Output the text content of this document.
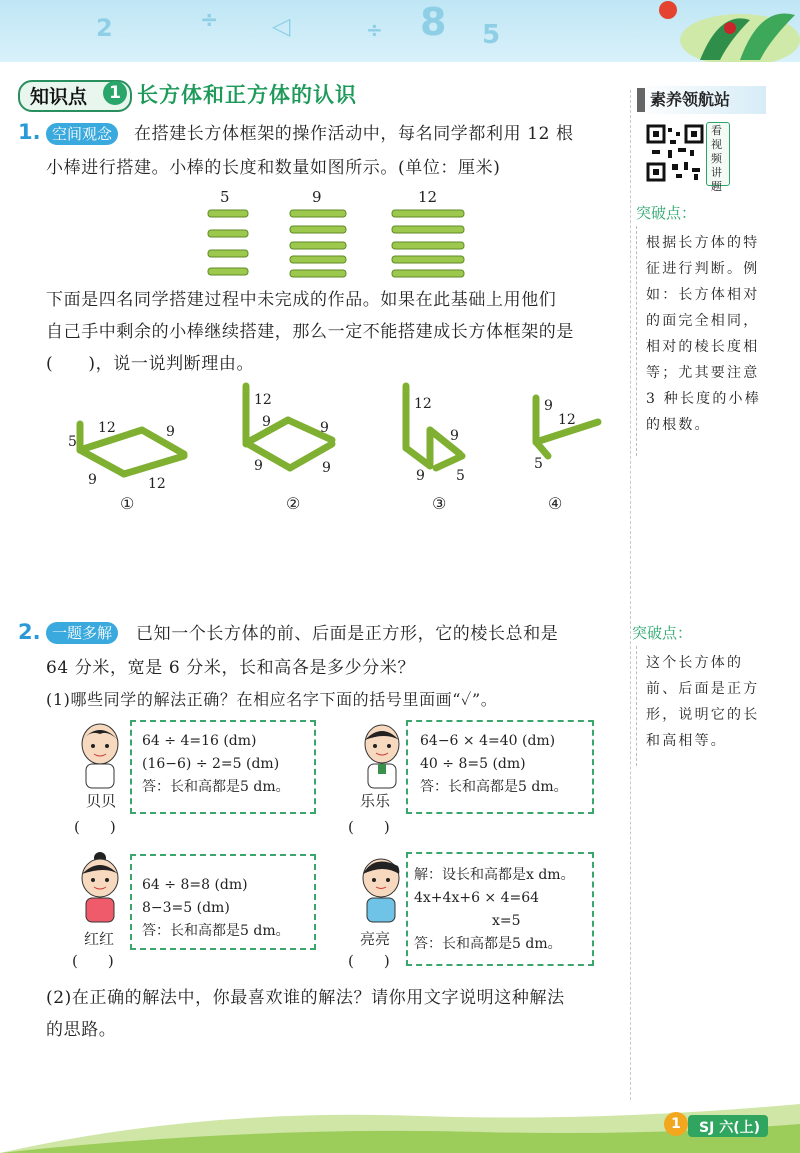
2	÷ ◁	÷ 8 5
知识点	1 长方体和正方体的认识	素养领航站
看视频讲题
1. 空间观念	在搭建长方体框架的操作活动中，每名同学都利用 12 根
小棒进行搭建。小棒的长度和数量如图所示。(单位：厘米)
5	9	12
下面是四名同学搭建过程中未完成的作品。如果在此基础上用他们
自己手中剩余的小棒继续搭建，那么一定不能搭建成长方体框架的是
(　　)，说一说判断理由。
12	9
5
9	12
①
12
9	9
9	9
②
12
9
9 5
③
9
12
5
④
突破点：
根据长方体的特
征进行判断。例
如：长方体相对
的面完全相同，
相对的棱长度相
等；尤其要注意
3 种长度的小棒
的根数。
2. 一题多解	已知一个长方体的前、后面是正方形，它的棱长总和是
64 分米，宽是 6 分米，长和高各是多少分米？
(1)哪些同学的解法正确？在相应名字下面的括号里面画“✓”。
突破点：
这个长方体的
前、后面是正方
形，说明它的长
和高相等。
贝贝
(　　)
64 ÷ 4=16 (dm)
(16−6) ÷ 2=5 (dm)
答：长和高都是5 dm。
乐乐
(　　)
64−6 × 4=40 (dm)
40 ÷ 8=5 (dm)
答：长和高都是5 dm。
红红
(　　)
64 ÷ 8=8 (dm)
8−3=5 (dm)
答：长和高都是5 dm。	亮亮
(　　)
解：设长和高都是x dm。
4x+4x+6 × 4=64
x=5
答：长和高都是5 dm。
(2)在正确的解法中，你最喜欢谁的解法？请你用文字说明这种解法
的思路。
1	SJ 六(上)
